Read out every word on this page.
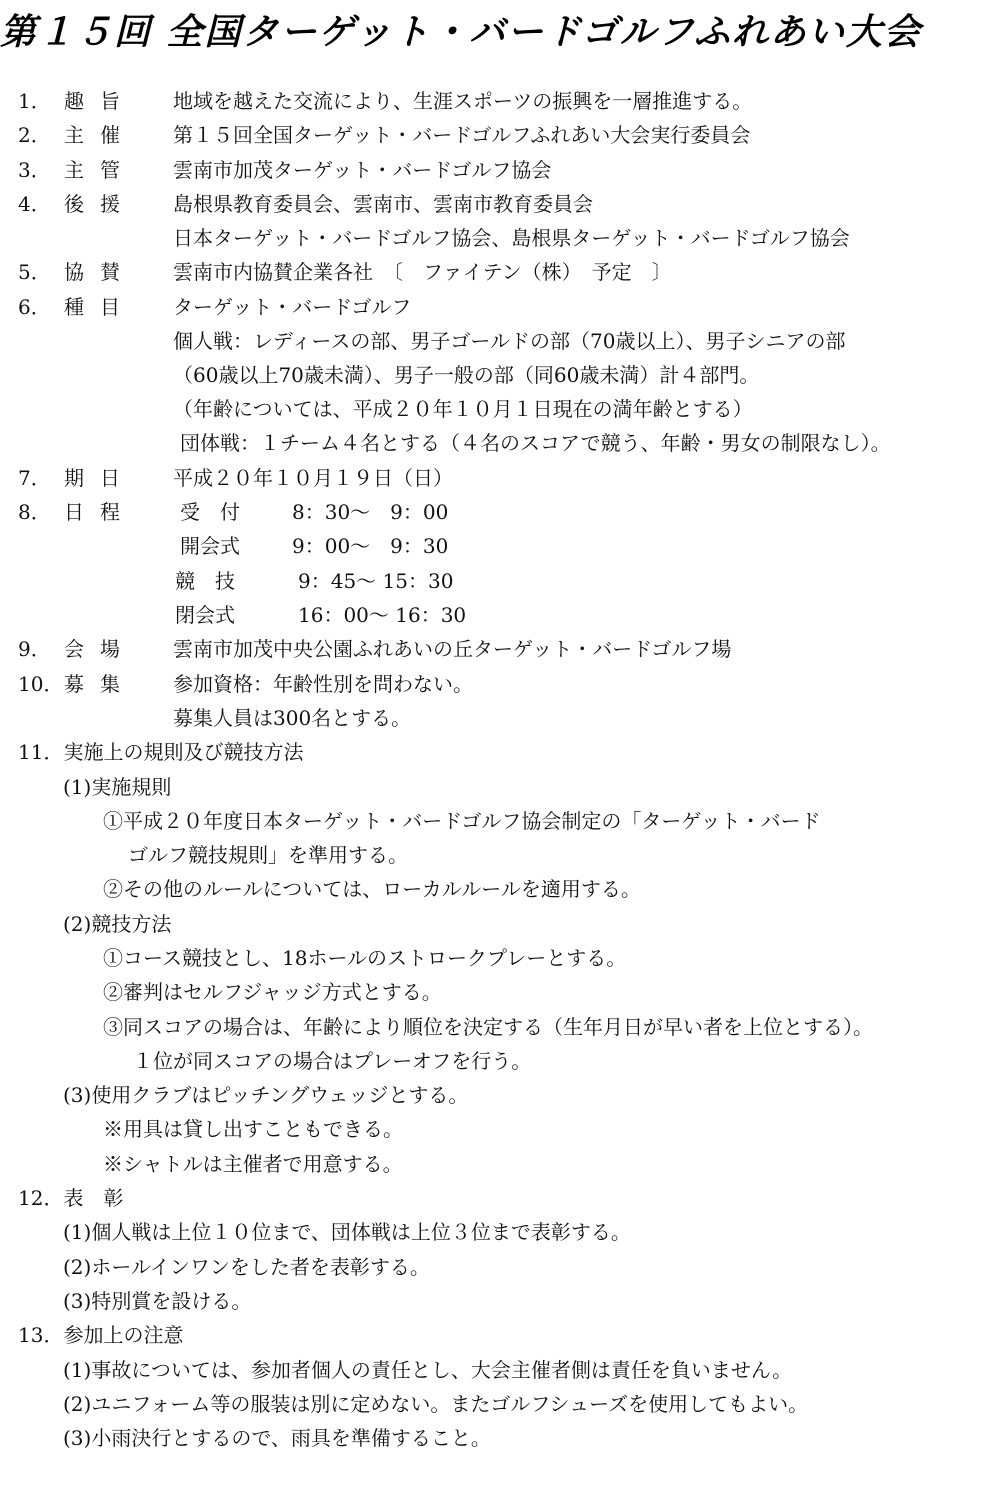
第１５回 全国ターゲット・バードゴルフふれあい大会
1． 趣旨 地域を越えた交流により、生涯スポーツの振興を一層推進する。
2． 主催 第１５回全国ターゲット・バードゴルフふれあい大会実行委員会
3． 主管 雲南市加茂ターゲット・バードゴルフ協会
4． 後援 島根県教育委員会、雲南市、雲南市教育委員会
日本ターゲット・バードゴルフ協会、島根県ターゲット・バードゴルフ協会
5． 協賛 雲南市内協賛企業各社　〔　ファイテン（株）　予定　〕
6． 種目 ターゲット・バードゴルフ
個人戦：レディースの部、男子ゴールドの部（70歳以上）、男子シニアの部
（60歳以上70歳未満）、男子一般の部（同60歳未満）計４部門。
（年齢については、平成２０年１０月１日現在の満年齢とする）
団体戦：１チーム４名とする（４名のスコアで競う、年齢・男女の制限なし）。
7． 期日 平成２０年１０月１９日（日）
8． 日程 受　付	8：30～　9：00
開会式	9：00～　9：30
競　技	9：45～ 15：30
閉会式	16：00～ 16：30
9． 会場 雲南市加茂中央公園ふれあいの丘ターゲット・バードゴルフ場
10． 募集 参加資格：年齢性別を問わない。
募集人員は300名とする。
11．実施上の規則及び競技方法
(1)実施規則
①平成２０年度日本ターゲット・バードゴルフ協会制定の「ターゲット・バード
ゴルフ競技規則」を準用する。
②その他のルールについては、ローカルルールを適用する。
(2)競技方法
①コース競技とし、18ホールのストロークプレーとする。
②審判はセルフジャッジ方式とする。
③同スコアの場合は、年齢により順位を決定する（生年月日が早い者を上位とする）。
１位が同スコアの場合はプレーオフを行う。
(3)使用クラブはピッチングウェッジとする。
※用具は貸し出すこともできる。
※シャトルは主催者で用意する。
12．表　彰
(1)個人戦は上位１０位まで、団体戦は上位３位まで表彰する。
(2)ホールインワンをした者を表彰する。
(3)特別賞を設ける。
13．参加上の注意
(1)事故については、参加者個人の責任とし、大会主催者側は責任を負いません。
(2)ユニフォーム等の服装は別に定めない。またゴルフシューズを使用してもよい。
(3)小雨決行とするので、雨具を準備すること。
